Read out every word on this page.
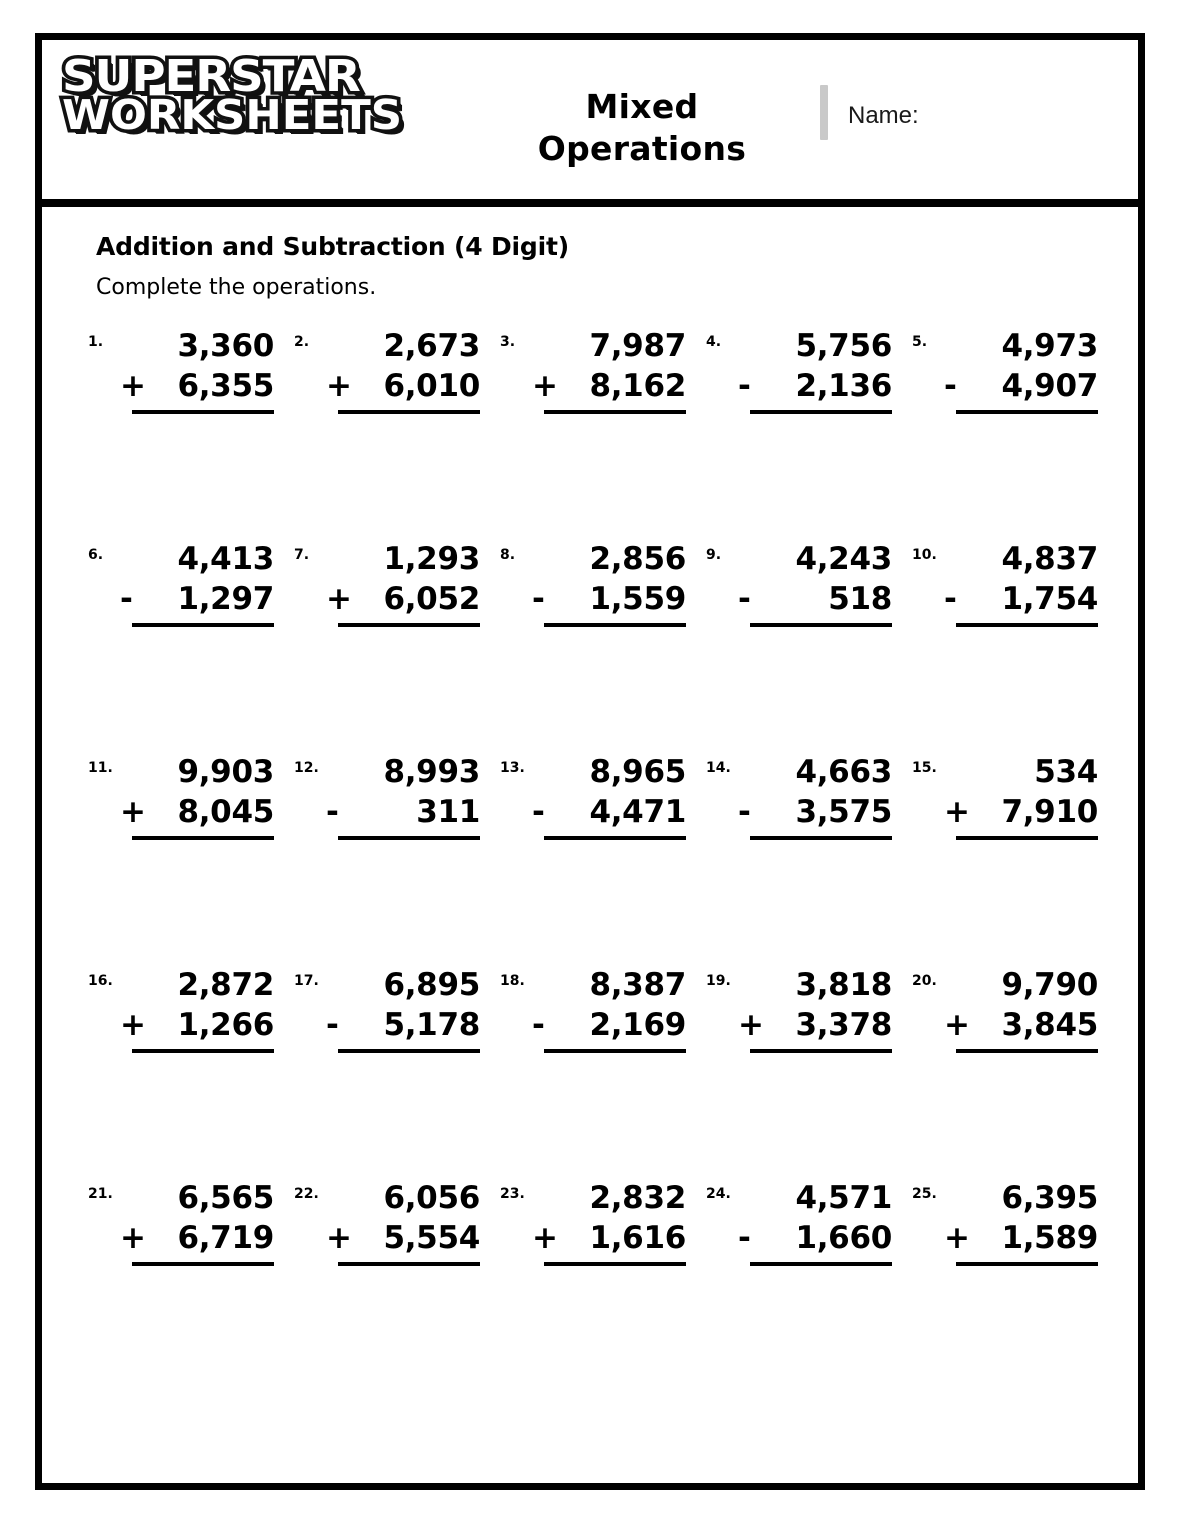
SUPERSTAR
WORKSHEETS	Mixed
Operations
Name:
Addition and Subtraction (4 Digit)
Complete the operations.
1.	3,360
+ 6,355
2.	2,673
+ 6,010
3.	7,987
+ 8,162
4.	5,756
- 2,136
5.	4,973
- 4,907
6.	4,413
- 1,297
7.	1,293
+ 6,052
8.	2,856
- 1,559
9.	4,243
-	518
10.	4,837
- 1,754
11.	9,903
+ 8,045
12.	8,993
-	311
13.	8,965
- 4,471
14.	4,663
- 3,575
15.	534
+ 7,910
16.	2,872
+ 1,266
17.	6,895
- 5,178
18.	8,387
- 2,169
19.	3,818
+ 3,378
20.	9,790
+ 3,845
21.	6,565
+ 6,719
22.	6,056
+ 5,554
23.	2,832
+ 1,616
24.	4,571
- 1,660
25.	6,395
+ 1,589
